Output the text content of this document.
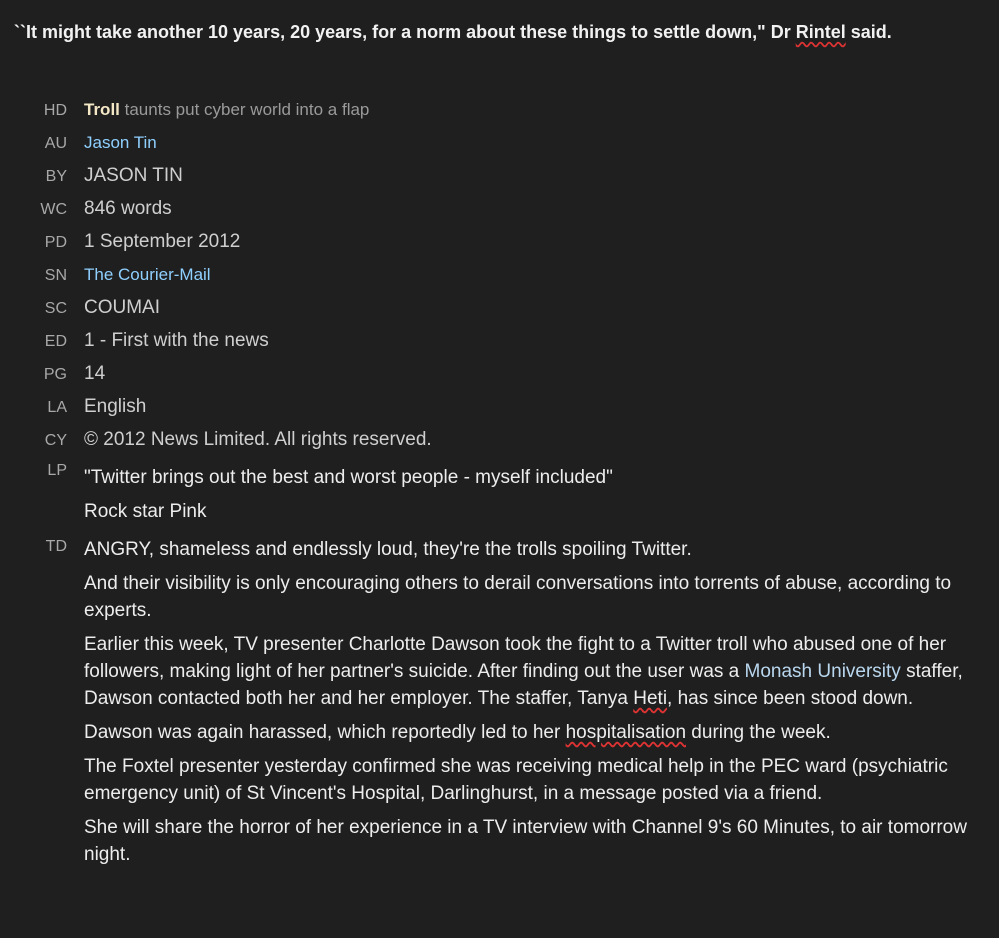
``It might take another 10 years, 20 years, for a norm about these things to settle down," Dr Rintel said.
HD	Troll taunts put cyber world into a flap
AU	Jason Tin
BY JASON TIN
WC 846 words
PD 1 September 2012
SN	The Courier-Mail
SC COUMAI
ED 1 - First with the news
PG 14
LA English
CY © 2012 News Limited. All rights reserved.
LP "Twitter brings out the best and worst people - myself included"

Rock star Pink

TD ANGRY, shameless and endlessly loud, they're the trolls spoiling Twitter.

And their visibility is only encouraging others to derail conversations into torrents of abuse, according to experts.

Earlier this week, TV presenter Charlotte Dawson took the fight to a Twitter troll who abused one of her followers, making light of her partner's suicide. After finding out the user was a Monash University staffer, Dawson contacted both her and her employer. The staffer, Tanya Heti, has since been stood down.

Dawson was again harassed, which reportedly led to her hospitalisation during the week.

The Foxtel presenter yesterday confirmed she was receiving medical help in the PEC ward (psychiatric emergency unit) of St Vincent's Hospital, Darlinghurst, in a message posted via a friend.

She will share the horror of her experience in a TV interview with Channel 9's 60 Minutes, to air tomorrow night.
